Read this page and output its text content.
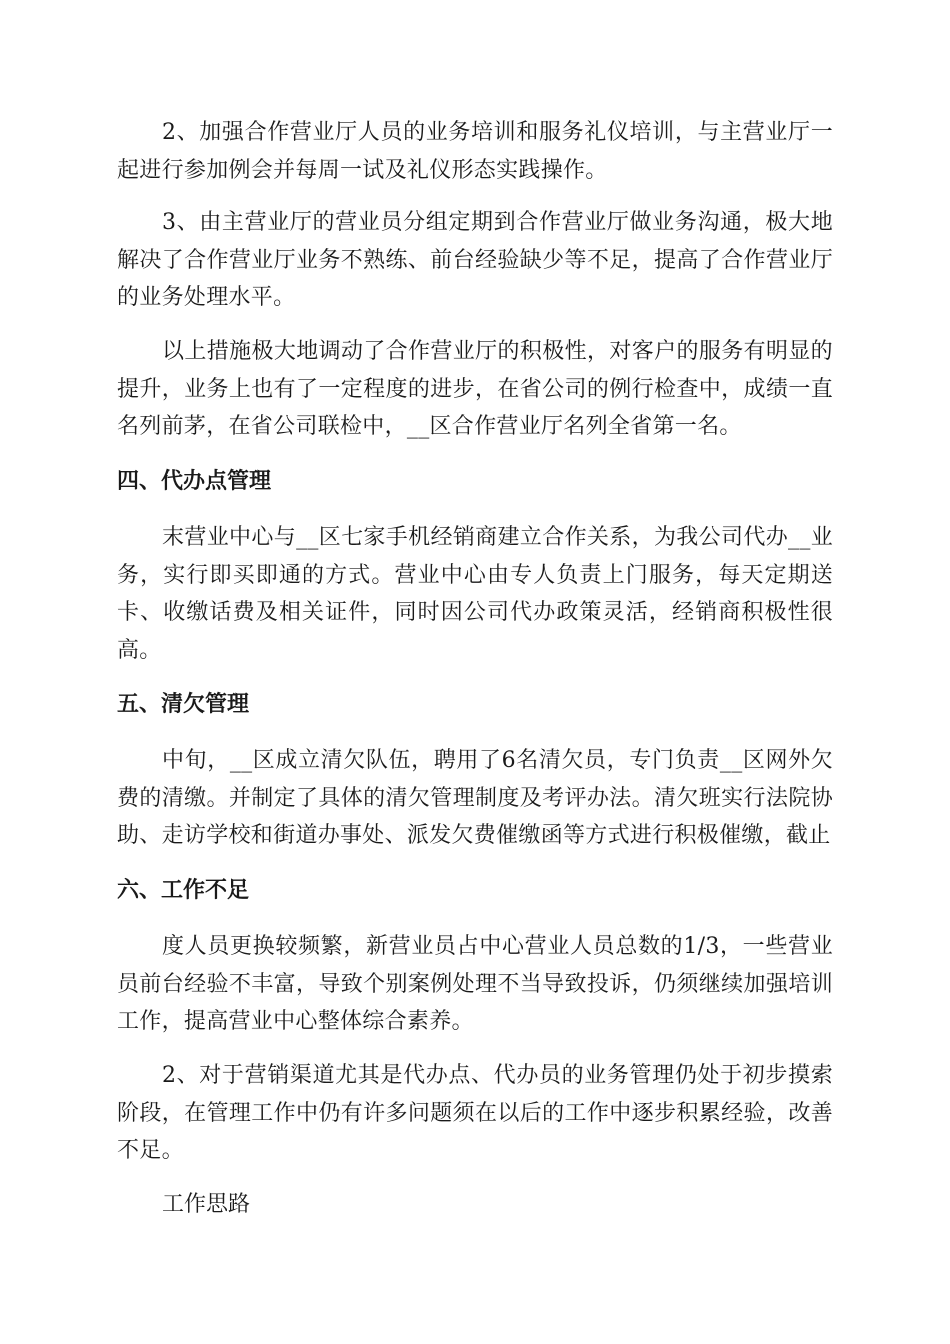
2、加强合作营业厅人员的业务培训和服务礼仪培训，与主营业厅一起进行参加例会并每周一试及礼仪形态实践操作。

3、由主营业厅的营业员分组定期到合作营业厅做业务沟通，极大地解决了合作营业厅业务不熟练、前台经验缺少等不足，提高了合作营业厅的业务处理水平。

以上措施极大地调动了合作营业厅的积极性，对客户的服务有明显的提升，业务上也有了一定程度的进步，在省公司的例行检查中，成绩一直名列前茅，在省公司联检中，__区合作营业厅名列全省第一名。

四、代办点管理

末营业中心与__区七家手机经销商建立合作关系，为我公司代办__业务，实行即买即通的方式。营业中心由专人负责上门服务，每天定期送卡、收缴话费及相关证件，同时因公司代办政策灵活，经销商积极性很高。

五、清欠管理

中旬，__区成立清欠队伍，聘用了6名清欠员，专门负责__区网外欠费的清缴。并制定了具体的清欠管理制度及考评办法。清欠班实行法院协助、走访学校和街道办事处、派发欠费催缴函等方式进行积极催缴，截止

六、工作不足

度人员更换较频繁，新营业员占中心营业人员总数的1/3，一些营业员前台经验不丰富，导致个别案例处理不当导致投诉，仍须继续加强培训工作，提高营业中心整体综合素养。

2、对于营销渠道尤其是代办点、代办员的业务管理仍处于初步摸索阶段，在管理工作中仍有许多问题须在以后的工作中逐步积累经验，改善不足。

工作思路
